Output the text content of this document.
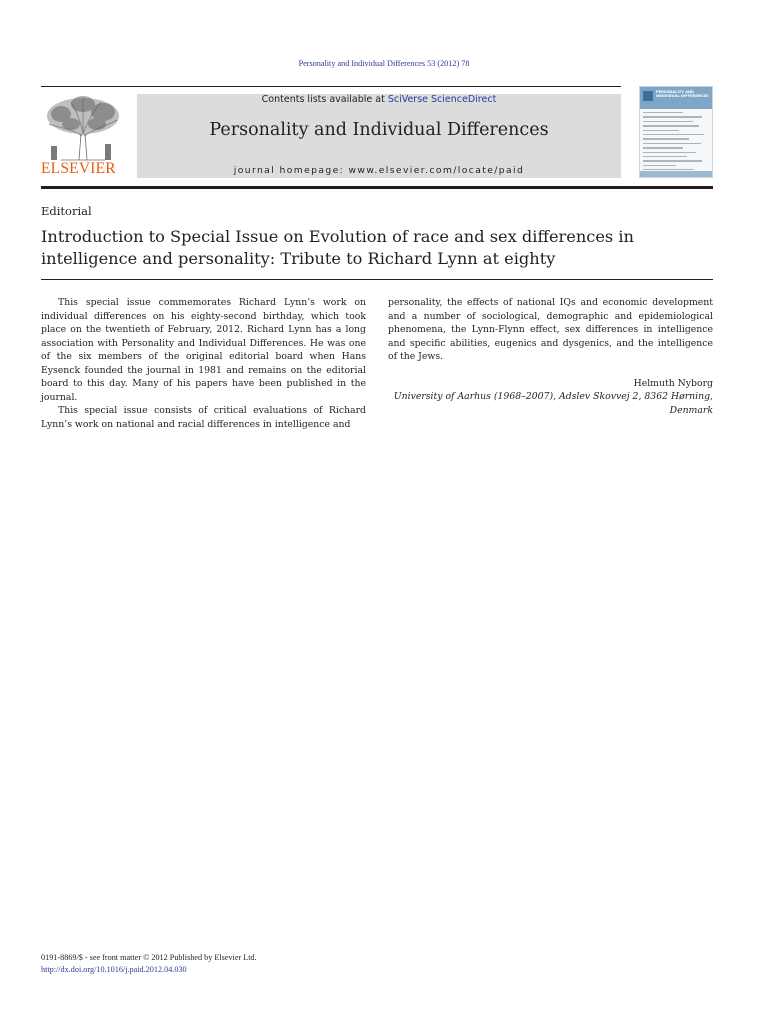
Personality and Individual Differences 53 (2012) 78
ELSEVIER
Contents lists available at SciVerse ScienceDirect
Personality and Individual Differences
journal homepage: www.elsevier.com/locate/paid
PERSONALITY AND INDIVIDUAL DIFFERENCES
Editorial
Introduction to Special Issue on Evolution of race and sex differences in intelligence and personality: Tribute to Richard Lynn at eighty

This special issue commemorates Richard Lynn’s work on individual differences on his eighty-second birthday, which took place on the twentieth of February, 2012. Richard Lynn has a long association with Personality and Individual Differences. He was one of the six members of the original editorial board when Hans Eysenck founded the journal in 1981 and remains on the editorial board to this day. Many of his papers have been published in the journal.

This special issue consists of critical evaluations of Richard Lynn’s work on national and racial differences in intelligence and

personality, the effects of national IQs and economic development and a number of sociological, demographic and epidemiological phenomena, the Lynn-Flynn effect, sex differences in intelligence and specific abilities, eugenics and dysgenics, and the intelligence of the Jews.

Helmuth Nyborg
University of Aarhus (1968–2007), Adslev Skovvej 2, 8362 Hørning,
Denmark
0191-8869/$ - see front matter © 2012 Published by Elsevier Ltd.
http://dx.doi.org/10.1016/j.paid.2012.04.030
